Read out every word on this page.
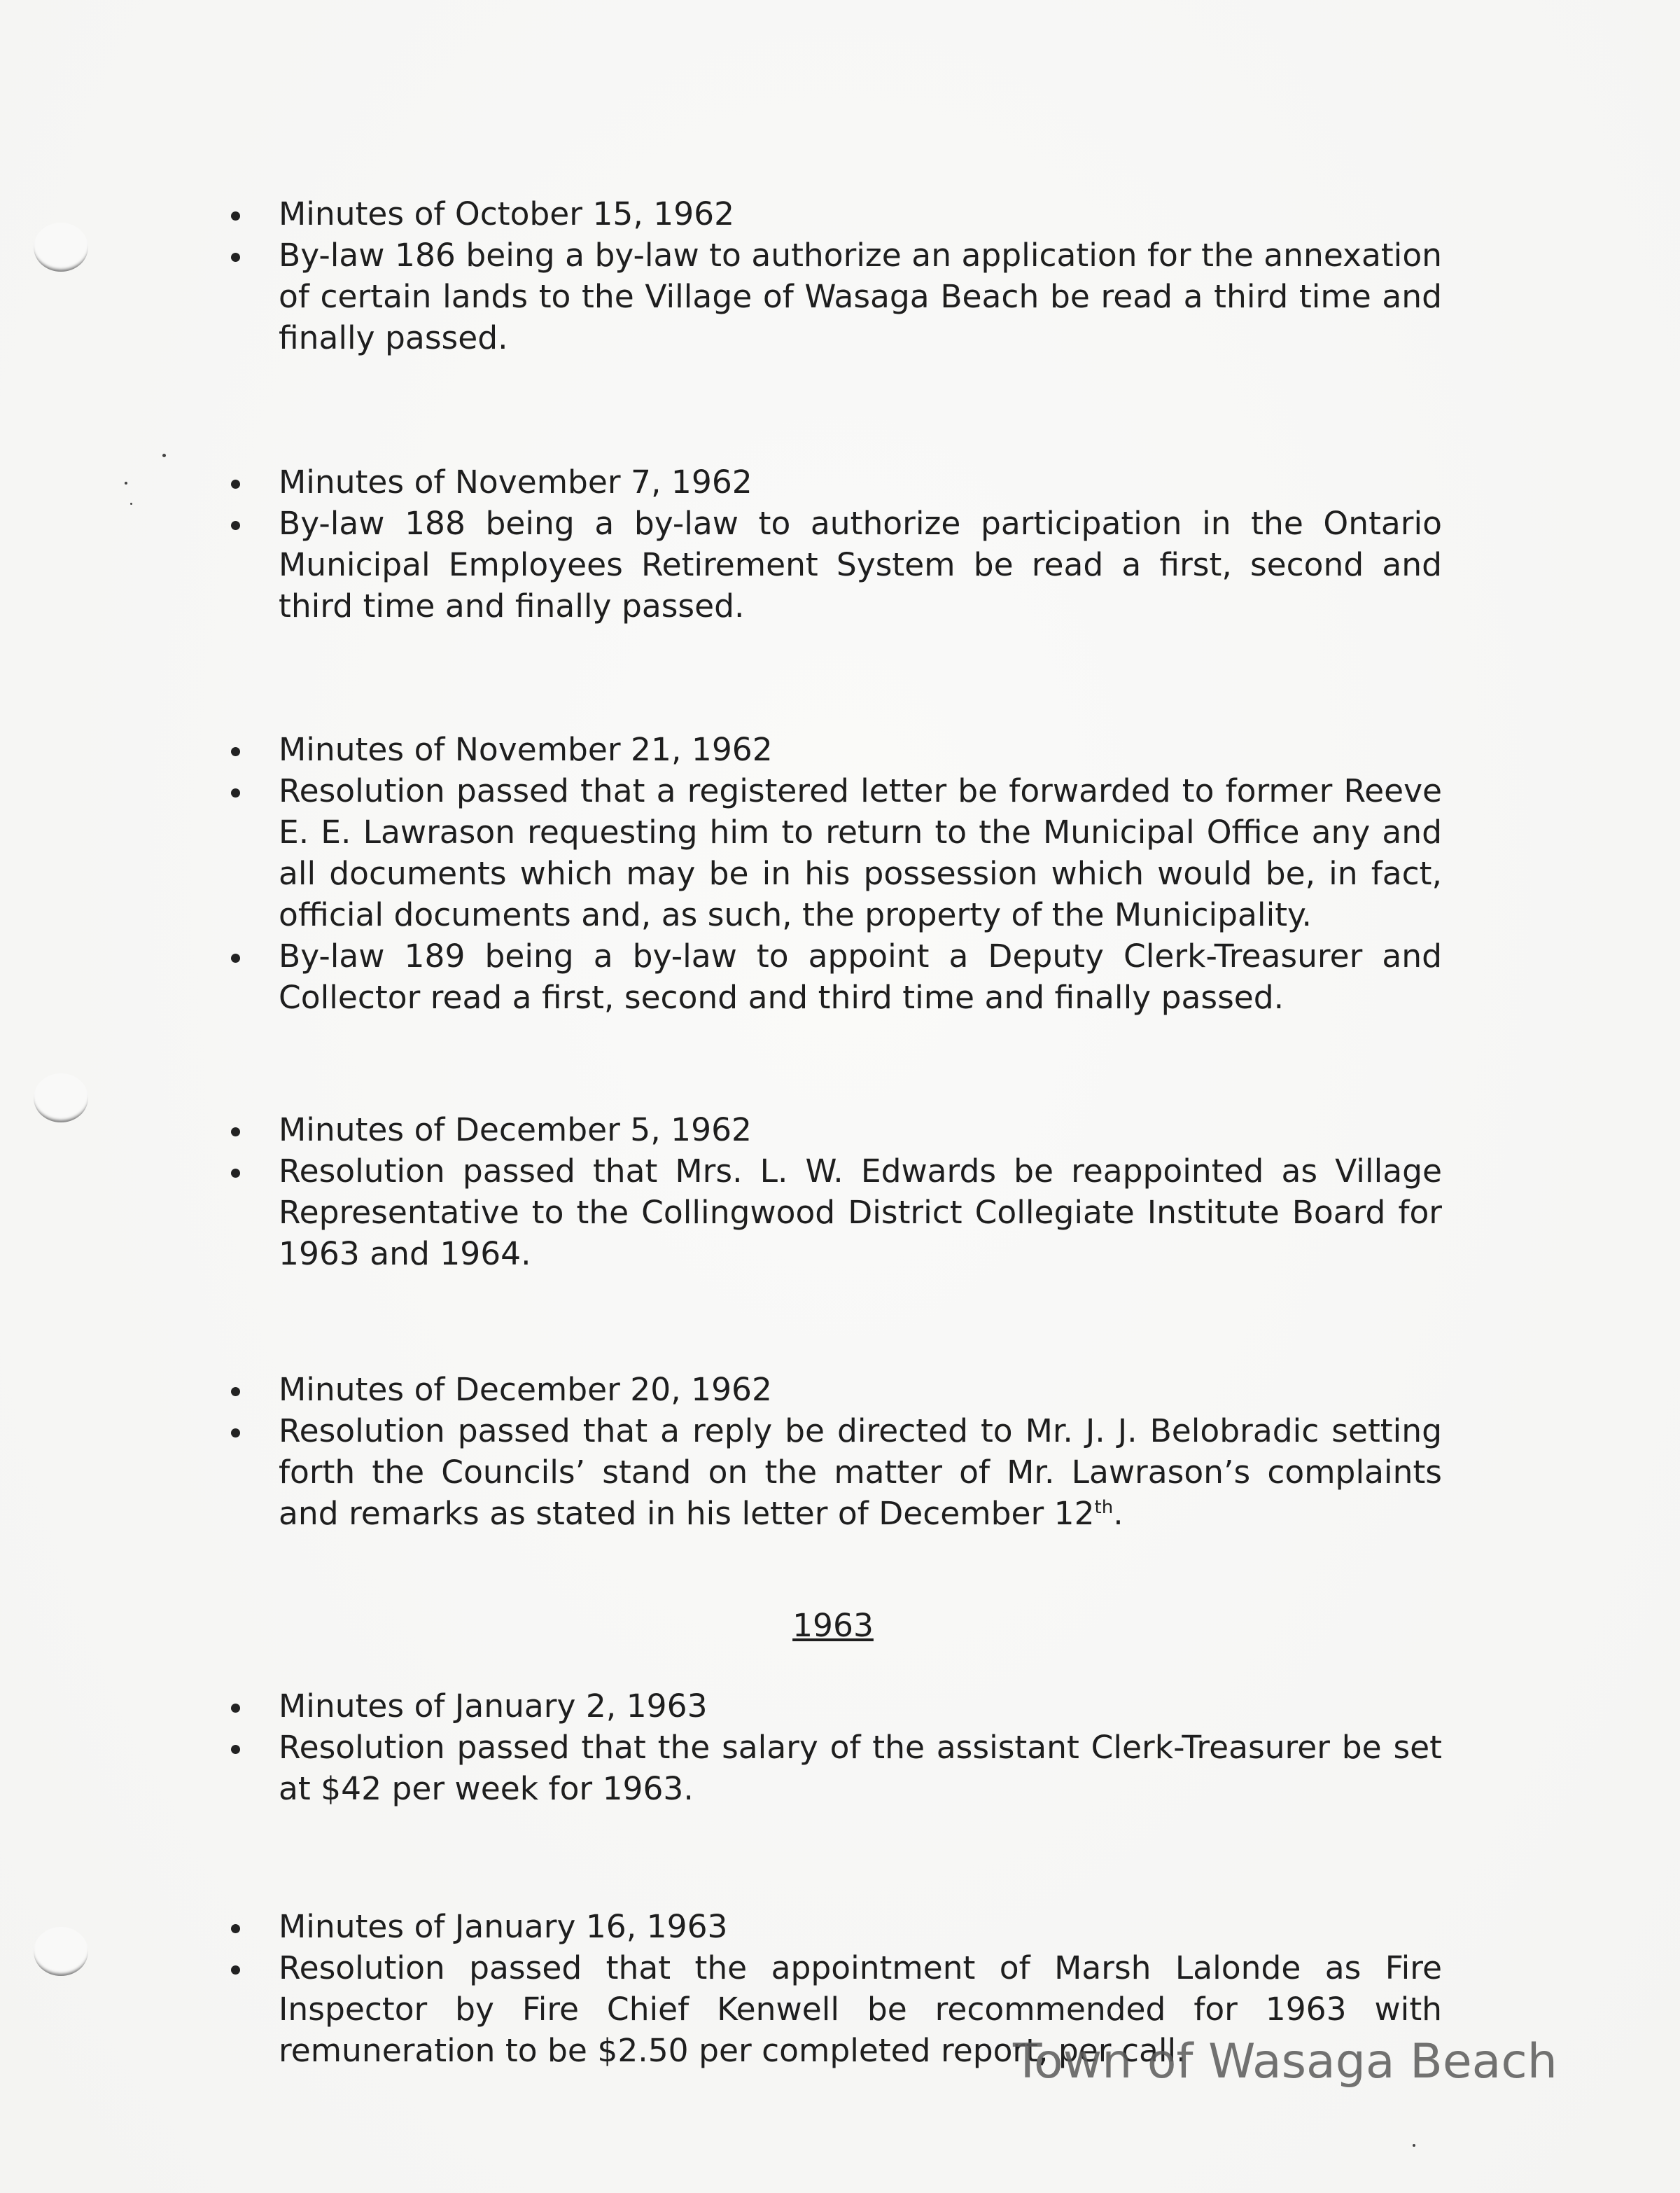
Minutes of October 15, 1962
By-law 186 being a by-law to authorize an application for the annexation of certain lands to the Village of Wasaga Beach be read a third time and finally passed.
Minutes of November 7, 1962
By-law 188 being a by-law to authorize participation in the Ontario Municipal Employees Retirement System be read a first, second and third time and finally passed.
Minutes of November 21, 1962
Resolution passed that a registered letter be forwarded to former Reeve E. E. Lawrason requesting him to return to the Municipal Office any and all documents which may be in his possession which would be, in fact, official documents and, as such, the property of the Municipality.
By-law 189 being a by-law to appoint a Deputy Clerk-Treasurer and Collector read a first, second and third time and finally passed.
Minutes of December 5, 1962
Resolution passed that Mrs. L. W. Edwards be reappointed as Village Representative to the Collingwood District Collegiate Institute Board for 1963 and 1964.
Minutes of December 20, 1962
Resolution passed that a reply be directed to Mr. J. J. Belobradic setting forth the Councils’ stand on the matter of Mr. Lawrason’s complaints and remarks as stated in his letter of December 12th.
1963
Minutes of January 2, 1963
Resolution passed that the salary of the assistant Clerk-Treasurer be set at $42 per week for 1963.
Minutes of January 16, 1963
Resolution passed that the appointment of Marsh Lalonde as Fire Inspector by Fire Chief Kenwell be recommended for 1963 with remuneration to be $2.50 per completed report, per call.
Town of Wasaga Beach
